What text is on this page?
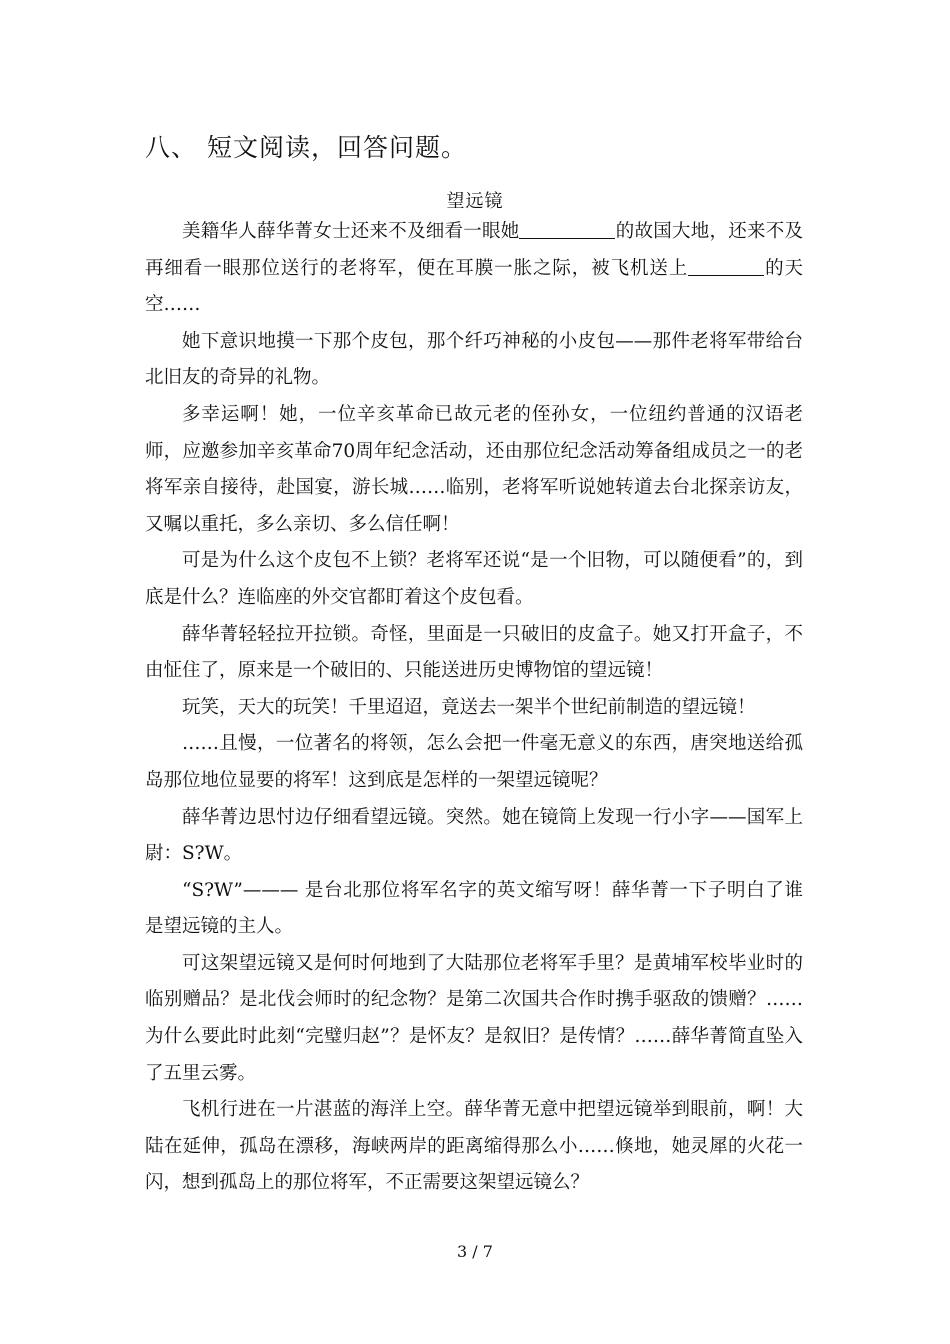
八、 短文阅读，回答问题。
望远镜

美籍华人薛华菁女士还来不及细看一眼她	的故国大地，还来不及再细看一眼那位送行的老将军，便在耳膜一胀之际，被飞机送上	的天空……

她下意识地摸一下那个皮包，那个纤巧神秘的小皮包——那件老将军带给台北旧友的奇异的礼物。

多幸运啊！她，一位辛亥革命已故元老的侄孙女，一位纽约普通的汉语老师，应邀参加辛亥革命70周年纪念活动，还由那位纪念活动筹备组成员之一的老将军亲自接待，赴国宴，游长城……临别，老将军听说她转道去台北探亲访友，又嘱以重托，多么亲切、多么信任啊！

可是为什么这个皮包不上锁？老将军还说“是一个旧物，可以随便看”的，到底是什么？连临座的外交官都盯着这个皮包看。

薛华菁轻轻拉开拉锁。奇怪，里面是一只破旧的皮盒子。她又打开盒子，不由怔住了，原来是一个破旧的、只能送进历史博物馆的望远镜！

玩笑，天大的玩笑！千里迢迢，竟送去一架半个世纪前制造的望远镜！

……且慢，一位著名的将领，怎么会把一件毫无意义的东西，唐突地送给孤岛那位地位显要的将军！这到底是怎样的一架望远镜呢？

薛华菁边思忖边仔细看望远镜。突然。她在镜筒上发现一行小字——国军上尉：S?W。

“S?W”——— 是台北那位将军名字的英文缩写呀！薛华菁一下子明白了谁是望远镜的主人。

可这架望远镜又是何时何地到了大陆那位老将军手里？是黄埔军校毕业时的临别赠品？是北伐会师时的纪念物？是第二次国共合作时携手驱敌的馈赠？……为什么要此时此刻“完璧归赵”？是怀友？是叙旧？是传情？……薛华菁简直坠入了五里云雾。

飞机行进在一片湛蓝的海洋上空。薛华菁无意中把望远镜举到眼前，啊！大陆在延伸，孤岛在漂移，海峡两岸的距离缩得那么小……倏地，她灵犀的火花一闪，想到孤岛上的那位将军，不正需要这架望远镜么？

3 / 7
